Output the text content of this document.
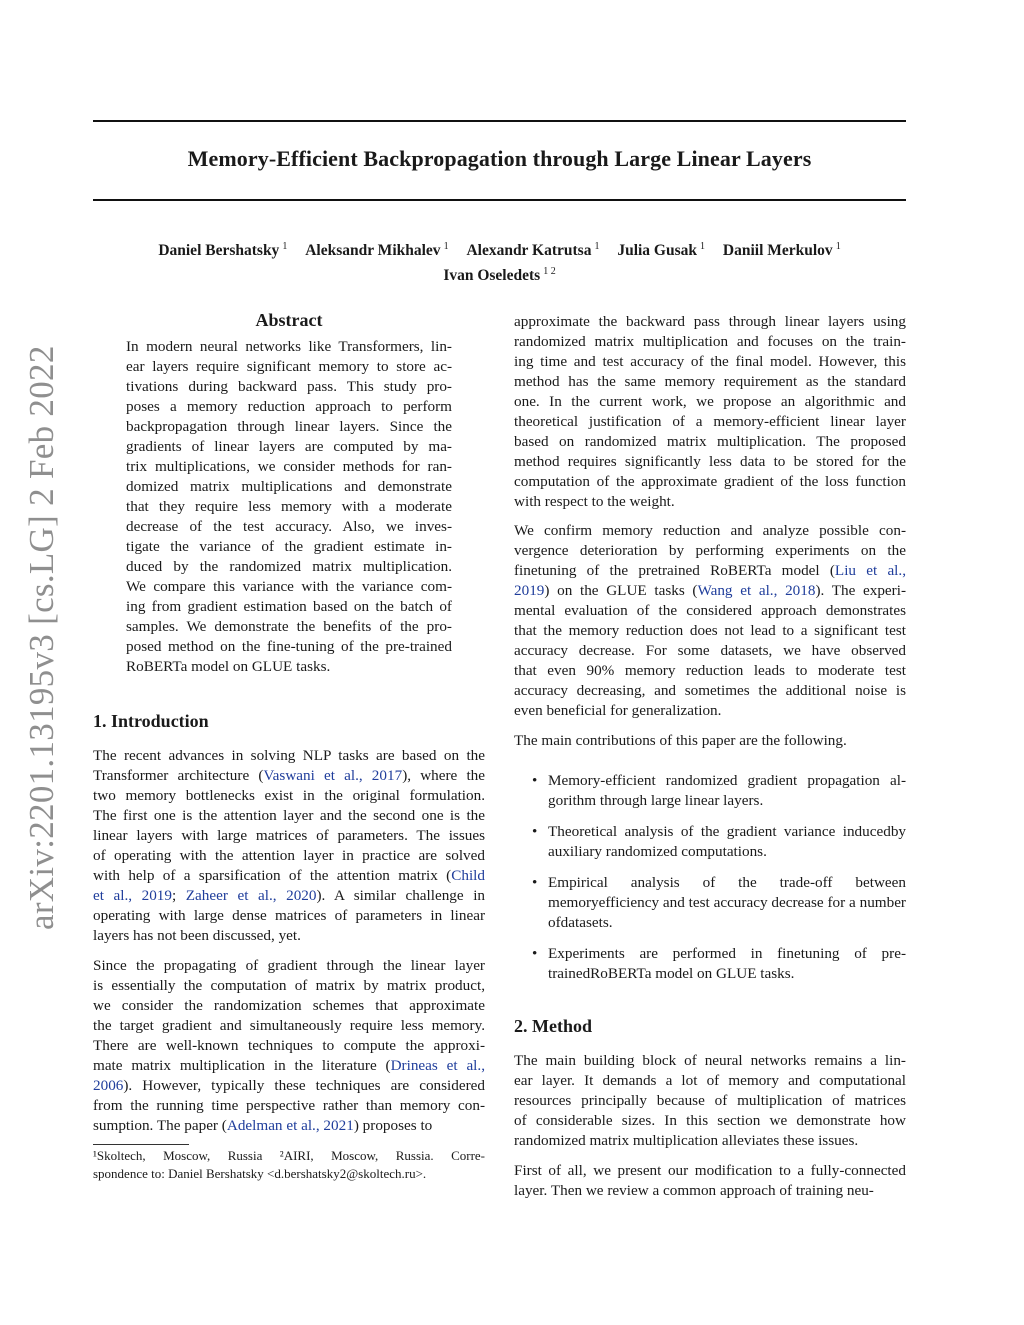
Memory-Efficient Backpropagation through Large Linear Layers
Daniel Bershatsky $^1$ Aleksandr Mikhalev $^1$ Alexandr Katrutsa $^1$ Julia Gusak $^1$ Daniil Merkulov $^1$
Ivan Oseledets $^{1 2}$
arXiv:2201.13195v3 [cs.LG] 2 Feb 2022
Abstract
In modern neural networks like Transformers, lin-
ear layers require significant memory to store ac-
tivations during backward pass. This study pro-
poses a memory reduction approach to perform
backpropagation through linear layers. Since the
gradients of linear layers are computed by ma-
trix multiplications, we consider methods for ran-
domized matrix multiplications and demonstrate
that they require less memory with a moderate
decrease of the test accuracy. Also, we inves-
tigate the variance of the gradient estimate in-
duced by the randomized matrix multiplication.
We compare this variance with the variance com-
ing from gradient estimation based on the batch of
samples. We demonstrate the benefits of the pro-
posed method on the fine-tuning of the pre-trained
RoBERTa model on GLUE tasks.
1. Introduction
The recent advances in solving NLP tasks are based on the
Transformer architecture (Vaswani et al., 2017), where the
two memory bottlenecks exist in the original formulation.
The first one is the attention layer and the second one is the
linear layers with large matrices of parameters. The issues
of operating with the attention layer in practice are solved
with help of a sparsification of the attention matrix (Child
et al., 2019; Zaheer et al., 2020). A similar challenge in
operating with large dense matrices of parameters in linear
layers has not been discussed, yet.
Since the propagating of gradient through the linear layer
is essentially the computation of matrix by matrix product,
we consider the randomization schemes that approximate
the target gradient and simultaneously require less memory.
There are well-known techniques to compute the approxi-
mate matrix multiplication in the literature (Drineas et al.,
2006). However, typically these techniques are considered
from the running time perspective rather than memory con-
sumption. The paper (Adelman et al., 2021) proposes to
¹Skoltech, Moscow, Russia ²AIRI, Moscow, Russia. Corre-
spondence to: Daniel Bershatsky <d.bershatsky2@skoltech.ru>.
approximate the backward pass through linear layers using
randomized matrix multiplication and focuses on the train-
ing time and test accuracy of the final model. However, this
method has the same memory requirement as the standard
one. In the current work, we propose an algorithmic and
theoretical justification of a memory-efficient linear layer
based on randomized matrix multiplication. The proposed
method requires significantly less data to be stored for the
computation of the approximate gradient of the loss function
with respect to the weight.
We confirm memory reduction and analyze possible con-
vergence deterioration by performing experiments on the
finetuning of the pretrained RoBERTa model (Liu et al.,
2019) on the GLUE tasks (Wang et al., 2018). The experi-
mental evaluation of the considered approach demonstrates
that the memory reduction does not lead to a significant test
accuracy decrease. For some datasets, we have observed
that even 90% memory reduction leads to moderate test
accuracy decreasing, and sometimes the additional noise is
even beneficial for generalization.
The main contributions of this paper are the following.
• Memory-efficient randomized gradient propagation al-gorithm through large linear layers.
• Theoretical analysis of the gradient variance inducedby auxiliary randomized computations.
• Empirical analysis of the trade-off between memoryefficiency and test accuracy decrease for a number ofdatasets.
• Experiments are performed in finetuning of pre-trainedRoBERTa model on GLUE tasks.
2. Method
The main building block of neural networks remains a lin-
ear layer. It demands a lot of memory and computational
resources principally because of multiplication of matrices
of considerable sizes. In this section we demonstrate how
randomized matrix multiplication alleviates these issues.
First of all, we present our modification to a fully-connected
layer. Then we review a common approach of training neu-
